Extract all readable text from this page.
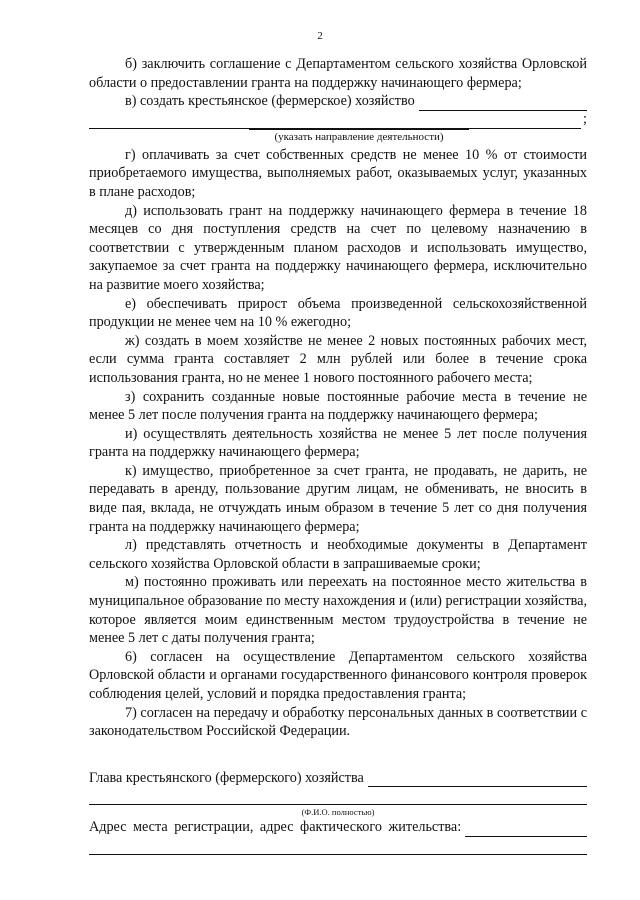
2

б) заключить соглашение с Департаментом сельского хозяйства Орловской области о предоставлении гранта на поддержку начинающего фермера;

в) создать крестьянское (фермерское) хозяйство
;
(указать направление деятельности)

г) оплачивать за счет собственных средств не менее 10 % от стоимости приобретаемого имущества, выполняемых работ, оказываемых услуг, указанных в плане расходов;

д) использовать грант на поддержку начинающего фермера в течение 18 месяцев со дня поступления средств на счет по целевому назначению в соответствии с утвержденным планом расходов и использовать имущество, закупаемое за счет гранта на поддержку начинающего фермера, исключительно на развитие моего хозяйства;

е) обеспечивать прирост объема произведенной сельскохозяйственной продукции не менее чем на 10 % ежегодно;

ж) создать в моем хозяйстве не менее 2 новых постоянных рабочих мест, если сумма гранта составляет 2 млн рублей или более в течение срока использования гранта, но не менее 1 нового постоянного рабочего места;

з) сохранить созданные новые постоянные рабочие места в течение не менее 5 лет после получения гранта на поддержку начинающего фермера;

и) осуществлять деятельность хозяйства не менее 5 лет после получения гранта на поддержку начинающего фермера;

к) имущество, приобретенное за счет гранта, не продавать, не дарить, не передавать в аренду, пользование другим лицам, не обменивать, не вносить в виде пая, вклада, не отчуждать иным образом в течение 5 лет со дня получения гранта на поддержку начинающего фермера;

л) представлять отчетность и необходимые документы в Департамент сельского хозяйства Орловской области в запрашиваемые сроки;

м) постоянно проживать или переехать на постоянное место жительства в муниципальное образование по месту нахождения и (или) регистрации хозяйства, которое является моим единственным местом трудоустройства в течение не менее 5 лет с даты получения гранта;

6) согласен на осуществление Департаментом сельского хозяйства Орловской области и органами государственного финансового контроля проверок соблюдения целей, условий и порядка предоставления гранта;

7) согласен на передачу и обработку персональных данных в соответствии с законодательством Российской Федерации.

Глава крестьянского (фермерского) хозяйства
(Ф.И.О. полностью)
Адрес места регистрации, адрес фактического жительства:
